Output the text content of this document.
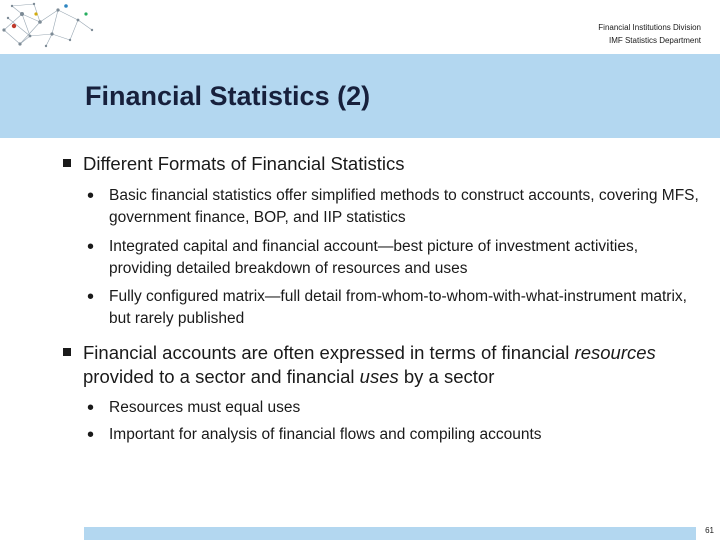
Financial Institutions Division
IMF Statistics Department
Financial Statistics (2)
Different Formats of Financial Statistics
• Basic financial statistics offer simplified methods to construct accounts, covering MFS, government finance, BOP, and IIP statistics
• Integrated capital and financial account—best picture of investment activities, providing detailed breakdown of resources and uses
• Fully configured matrix—full detail from-whom-to-whom-with-what-instrument matrix, but rarely published
Financial accounts are often expressed in terms of financial resources provided to a sector and financial uses by a sector
• Resources must equal uses
• Important for analysis of financial flows and compiling accounts
61
